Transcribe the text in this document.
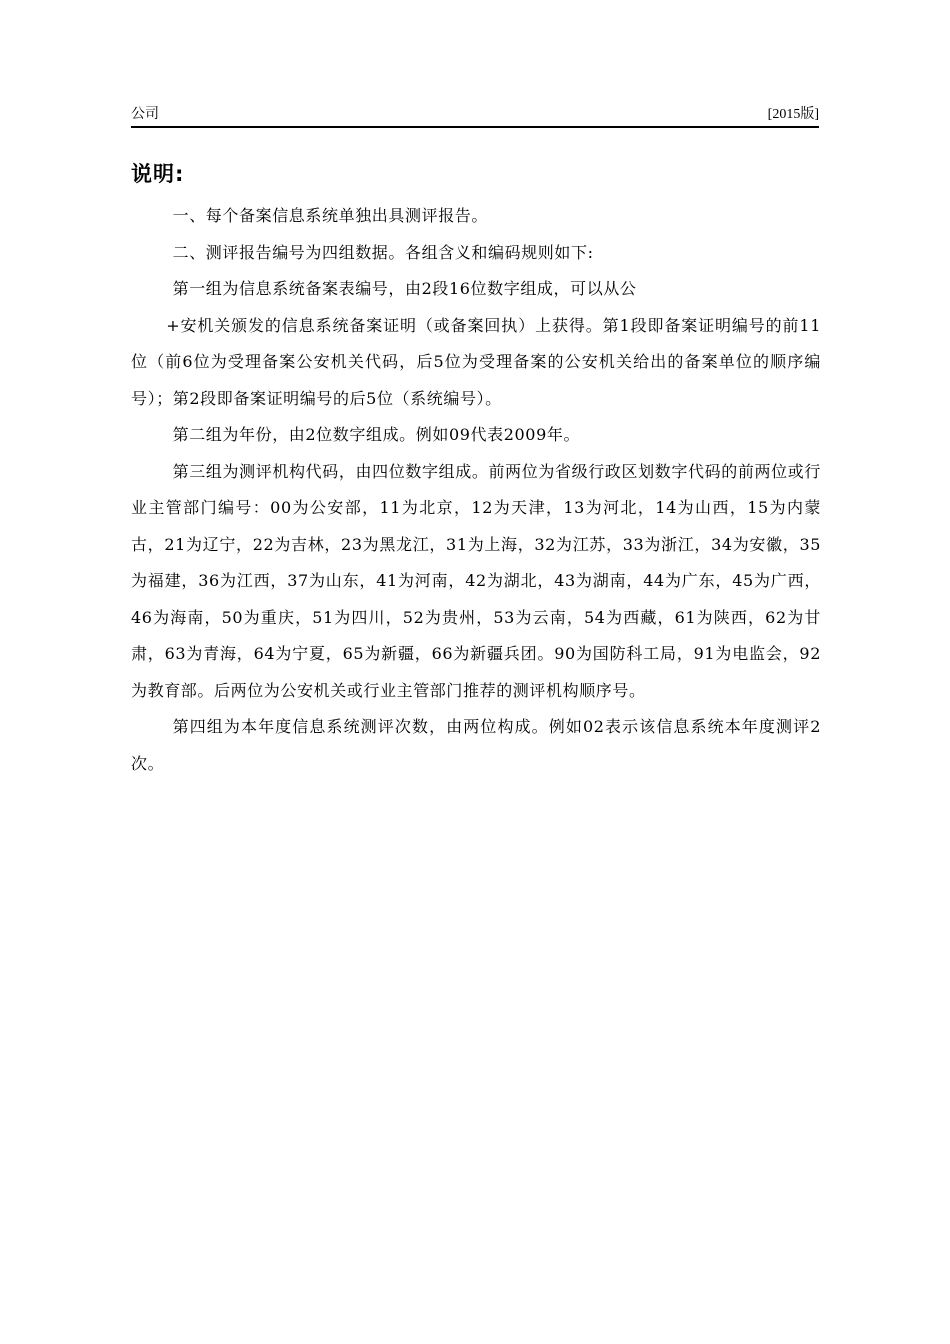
公司	[2015版]
说明:

一、每个备案信息系统单独出具测评报告。

二、测评报告编号为四组数据。各组含义和编码规则如下:

第一组为信息系统备案表编号，由2段16位数字组成，可以从公

+安机关颁发的信息系统备案证明（或备案回执）上获得。第1段即备案证明编号的前11位（前6位为受理备案公安机关代码，后5位为受理备案的公安机关给出的备案单位的顺序编号）；第2段即备案证明编号的后5位（系统编号）。

第二组为年份，由2位数字组成。例如09代表2009年。

第三组为测评机构代码，由四位数字组成。前两位为省级行政区划数字代码的前两位或行业主管部门编号：00为公安部，11为北京，12为天津，13为河北，14为山西，15为内蒙古，21为辽宁，22为吉林，23为黑龙江，31为上海，32为江苏，33为浙江，34为安徽，35为福建，36为江西，37为山东，41为河南，42为湖北，43为湖南，44为广东，45为广西，46为海南，50为重庆，51为四川，52为贵州，53为云南，54为西藏，61为陕西，62为甘肃，63为青海，64为宁夏，65为新疆，66为新疆兵团。90为国防科工局，91为电监会，92为教育部。后两位为公安机关或行业主管部门推荐的测评机构顺序号。

第四组为本年度信息系统测评次数，由两位构成。例如02表示该信息系统本年度测评2次。
